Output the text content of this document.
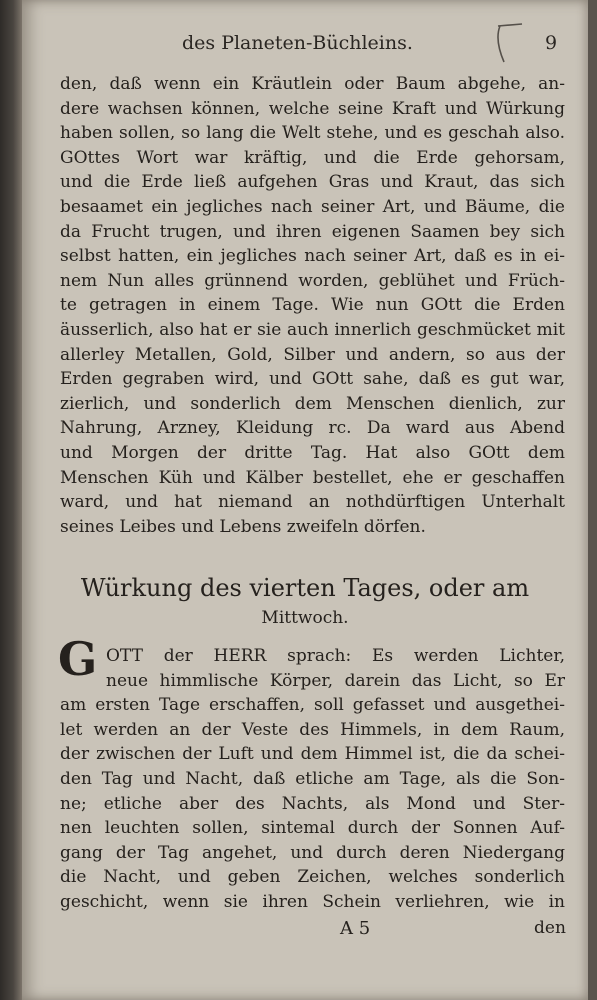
des Planeten-Büchleins.	9
den, daß wenn ein Kräutlein oder Baum abgehe, an-
dere wachsen können, welche seine Kraft und Würkung
haben sollen, so lang die Welt stehe, und es geschah also.
GOttes Wort war kräftig, und die Erde gehorsam,
und die Erde ließ aufgehen Gras und Kraut, das sich
besaamet ein jegliches nach seiner Art, und Bäume, die
da Frucht trugen, und ihren eigenen Saamen bey sich
selbst hatten, ein jegliches nach seiner Art, daß es in ei-
nem Nun alles grünnend worden, geblühet und Früch-
te getragen in einem Tage. Wie nun GOtt die Erden
äusserlich, also hat er sie auch innerlich geschmücket mit
allerley Metallen, Gold, Silber und andern, so aus der
Erden gegraben wird, und GOtt sahe, daß es gut war,
zierlich, und sonderlich dem Menschen dienlich, zur
Nahrung, Arzney, Kleidung rc. Da ward aus Abend
und Morgen der dritte Tag. Hat also GOtt dem
Menschen Küh und Kälber bestellet, ehe er geschaffen
ward, und hat niemand an nothdürftigen Unterhalt
seines Leibes und Lebens zweifeln dörfen.
Würkung des vierten Tages, oder am
Mittwoch.
G OTT der HERR sprach: Es werden Lichter,
neue himmlische Körper, darein das Licht, so Er
am ersten Tage erschaffen, soll gefasset und ausgethei-
let werden an der Veste des Himmels, in dem Raum,
der zwischen der Luft und dem Himmel ist, die da schei-
den Tag und Nacht, daß etliche am Tage, als die Son-
ne; etliche aber des Nachts, als Mond und Ster-
nen leuchten sollen, sintemal durch der Sonnen Auf-
gang der Tag angehet, und durch deren Niedergang
die Nacht, und geben Zeichen, welches sonderlich
geschicht, wenn sie ihren Schein verliehren, wie in
A 5	den
